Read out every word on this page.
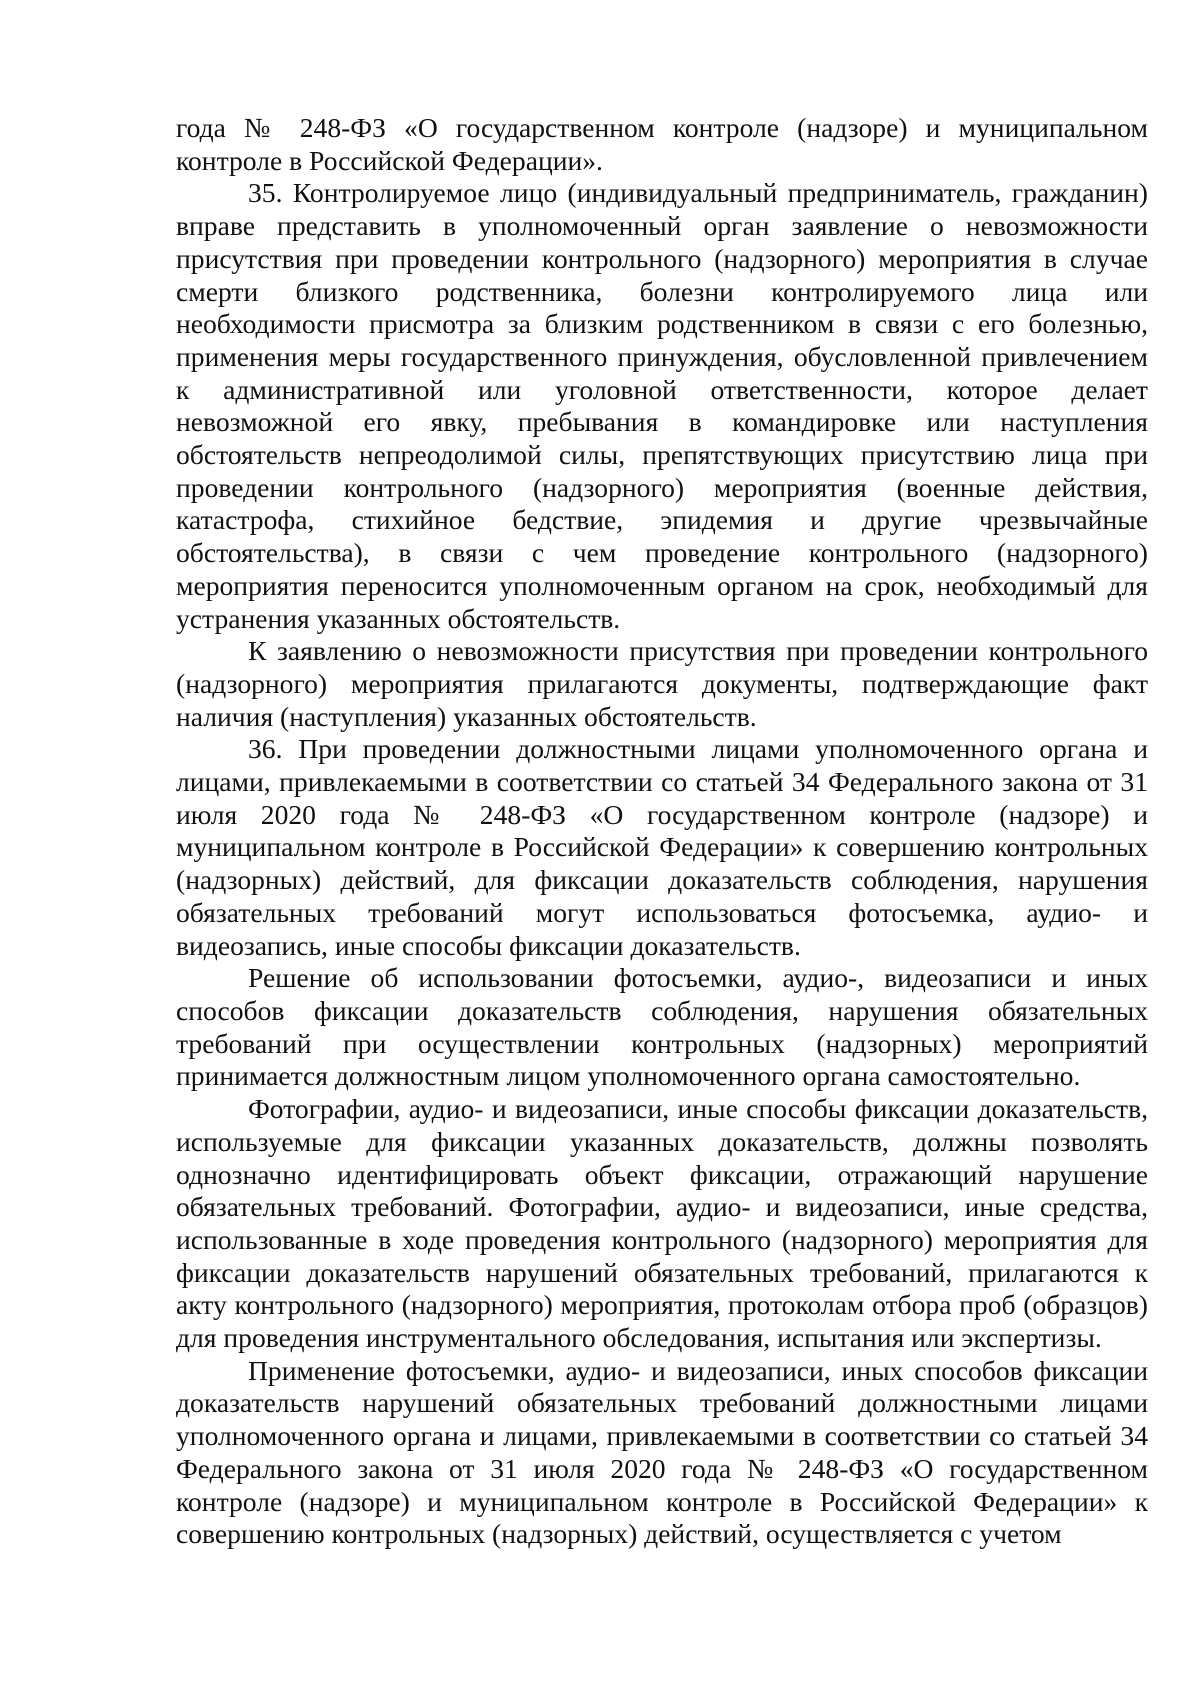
года № 248-ФЗ «О государственном контроле (надзоре) и муниципальном контроле в Российской Федерации».

35. Контролируемое лицо (индивидуальный предприниматель, гражданин) вправе представить в уполномоченный орган заявление о невозможности присутствия при проведении контрольного (надзорного) мероприятия в случае смерти близкого родственника, болезни контролируемого лица или необходимости присмотра за близким родственником в связи с его болезнью, применения меры государственного принуждения, обусловленной привлечением к административной или уголовной ответственности, которое делает невозможной его явку, пребывания в командировке или наступления обстоятельств непреодолимой силы, препятствующих присутствию лица при проведении контрольного (надзорного) мероприятия (военные действия, катастрофа, стихийное бедствие, эпидемия и другие чрезвычайные обстоятельства), в связи с чем проведение контрольного (надзорного) мероприятия переносится уполномоченным органом на срок, необходимый для устранения указанных обстоятельств.

К заявлению о невозможности присутствия при проведении контрольного (надзорного) мероприятия прилагаются документы, подтверждающие факт наличия (наступления) указанных обстоятельств.

36. При проведении должностными лицами уполномоченного органа и лицами, привлекаемыми в соответствии со статьей 34 Федерального закона от 31 июля 2020 года № 248-ФЗ «О государственном контроле (надзоре) и муниципальном контроле в Российской Федерации» к совершению контрольных (надзорных) действий, для фиксации доказательств соблюдения, нарушения обязательных требований могут использоваться фотосъемка, аудио- и видеозапись, иные способы фиксации доказательств.

Решение об использовании фотосъемки, аудио-, видеозаписи и иных способов фиксации доказательств соблюдения, нарушения обязательных требований при осуществлении контрольных (надзорных) мероприятий принимается должностным лицом уполномоченного органа самостоятельно.

Фотографии, аудио- и видеозаписи, иные способы фиксации доказательств, используемые для фиксации указанных доказательств, должны позволять однозначно идентифицировать объект фиксации, отражающий нарушение обязательных требований. Фотографии, аудио- и видеозаписи, иные средства, использованные в ходе проведения контрольного (надзорного) мероприятия для фиксации доказательств нарушений обязательных требований, прилагаются к акту контрольного (надзорного) мероприятия, протоколам отбора проб (образцов) для проведения инструментального обследования, испытания или экспертизы.

Применение фотосъемки, аудио- и видеозаписи, иных способов фиксации доказательств нарушений обязательных требований должностными лицами уполномоченного органа и лицами, привлекаемыми в соответствии со статьей 34 Федерального закона от 31 июля 2020 года № 248-ФЗ «О государственном контроле (надзоре) и муниципальном контроле в Российской Федерации» к совершению контрольных (надзорных) действий, осуществляется с учетом
